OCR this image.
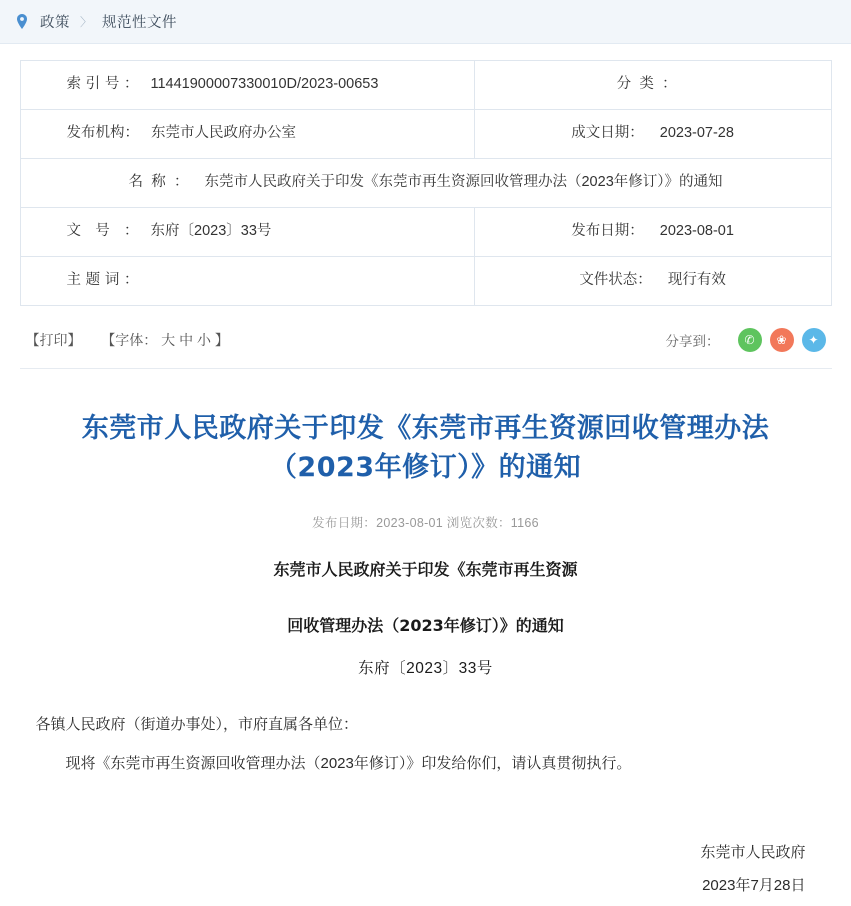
政策 〉 规范性文件
索引号： 11441900007330010D/2023-00653	分类：

发布机构： 东莞市人民政府办公室	成文日期： 2023-07-28
名称： 东莞市人民政府关于印发《东莞市再生资源回收管理办法（2023年修订）》的通知	

文号： 东府〔2023〕33号	发布日期： 2023-08-01

主题词：	文件状态： 现行有效
【打印】 【字体： 大 中 小 】	分享到：	✆	❀	✦
东莞市人民政府关于印发《东莞市再生资源回收管理办法（2023年修订）》的通知
发布日期：2023-08-01 浏览次数：1166
东莞市人民政府关于印发《东莞市再生资源
回收管理办法（2023年修订）》的通知
东府〔2023〕33号
各镇人民政府（街道办事处），市府直属各单位：
现将《东莞市再生资源回收管理办法（2023年修订）》印发给你们，请认真贯彻执行。
东莞市人民政府
2023年7月28日
